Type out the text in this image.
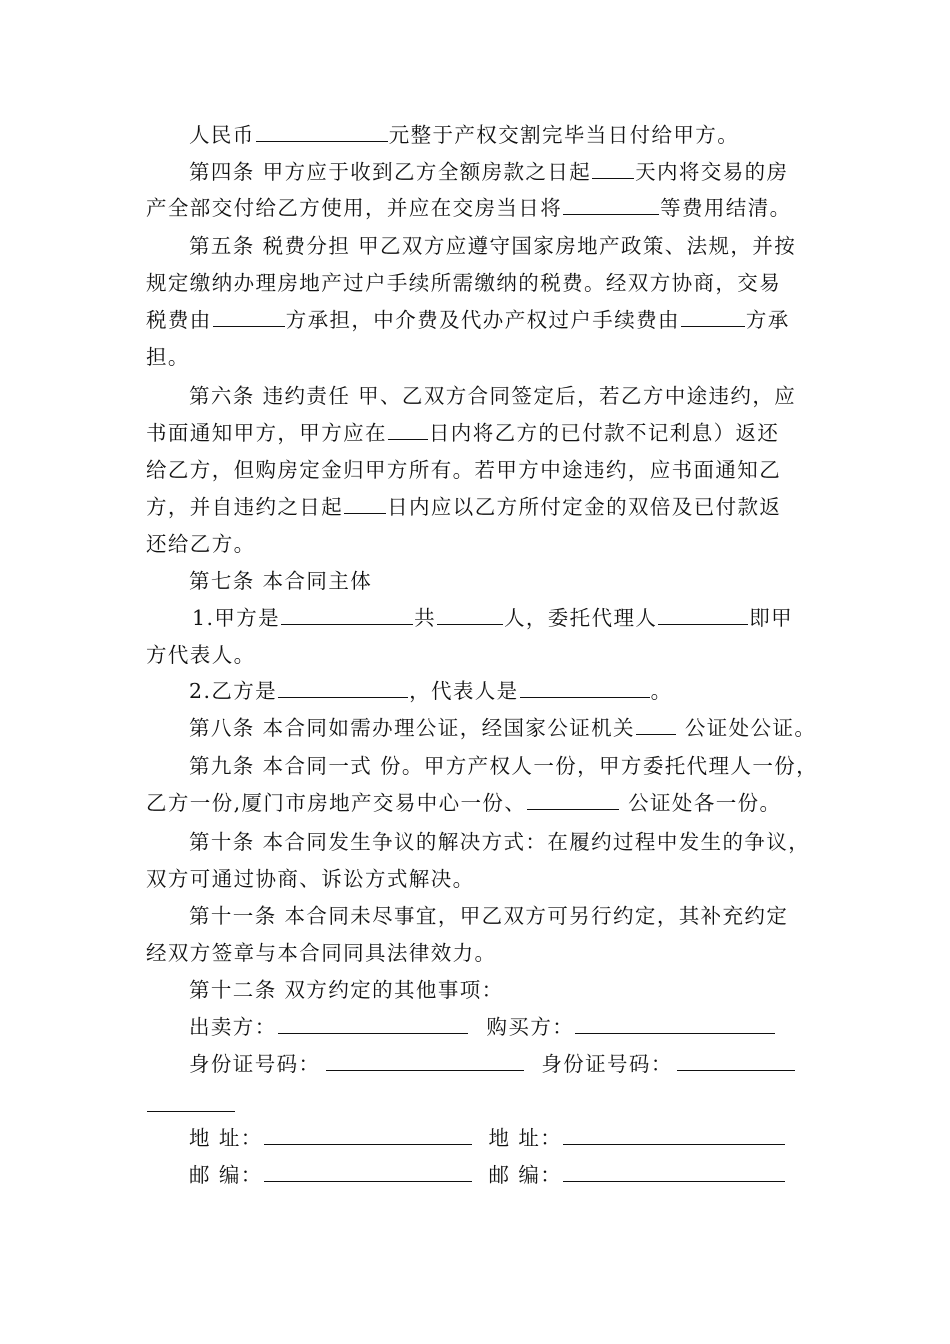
人民币	元整于产权交割完毕当日付给甲方。
第四条 甲方应于收到乙方全额房款之日起 天内将交易的房
产全部交付给乙方使用，并应在交房当日将	等费用结清。
第五条 税费分担 甲乙双方应遵守国家房地产政策、法规，并按
规定缴纳办理房地产过户手续所需缴纳的税费。经双方协商，交易
税费由	方承担，中介费及代办产权过户手续费由	方承
担。
第六条 违约责任 甲、乙双方合同签定后，若乙方中途违约，应
书面通知甲方，甲方应在 日内将乙方的已付款不记利息）返还
给乙方，但购房定金归甲方所有。若甲方中途违约，应书面通知乙
方，并自违约之日起 日内应以乙方所付定金的双倍及已付款返
还给乙方。
第七条 本合同主体
1.甲方是	共	人，委托代理人	即甲
方代表人。
2.乙方是	，代表人是	。
第八条 本合同如需办理公证，经国家公证机关 公证处公证。
第九条 本合同一式 份。甲方产权人一份，甲方委托代理人一份，
乙方一份,厦门市房地产交易中心一份、	公证处各一份。
第十条 本合同发生争议的解决方式：在履约过程中发生的争议，
双方可通过协商、诉讼方式解决。
第十一条 本合同未尽事宜，甲乙双方可另行约定，其补充约定
经双方签章与本合同同具法律效力。
第十二条 双方约定的其他事项：
出卖方：	购买方：
身份证号码：	身份证号码：
地 址：	地 址：
邮 编：	邮 编：
